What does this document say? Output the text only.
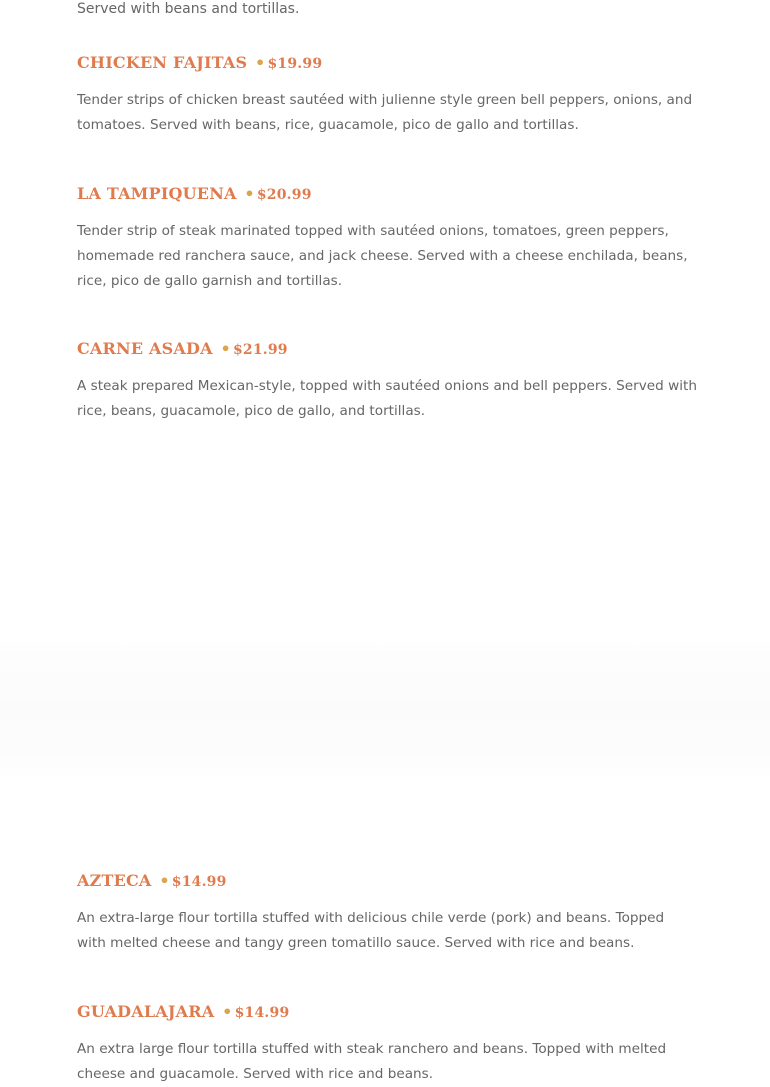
Served with beans and tortillas.
CHICKEN FAJITAS • $19.99

Tender strips of chicken breast sautéed with julienne style green bell peppers, onions, and tomatoes. Served with beans, rice, guacamole, pico de gallo and tortillas.

LA TAMPIQUENA • $20.99

Tender strip of steak marinated topped with sautéed onions, tomatoes, green peppers, homemade red ranchera sauce, and jack cheese. Served with a cheese enchilada, beans, rice, pico de gallo garnish and tortillas.

CARNE ASADA • $21.99

A steak prepared Mexican-style, topped with sautéed onions and bell peppers. Served with rice, beans, guacamole, pico de gallo, and tortillas.

AZTECA • $14.99

An extra-large flour tortilla stuffed with delicious chile verde (pork) and beans. Topped with melted cheese and tangy green tomatillo sauce. Served with rice and beans.

GUADALAJARA • $14.99

An extra large flour tortilla stuffed with steak ranchero and beans. Topped with melted cheese and guacamole. Served with rice and beans.
